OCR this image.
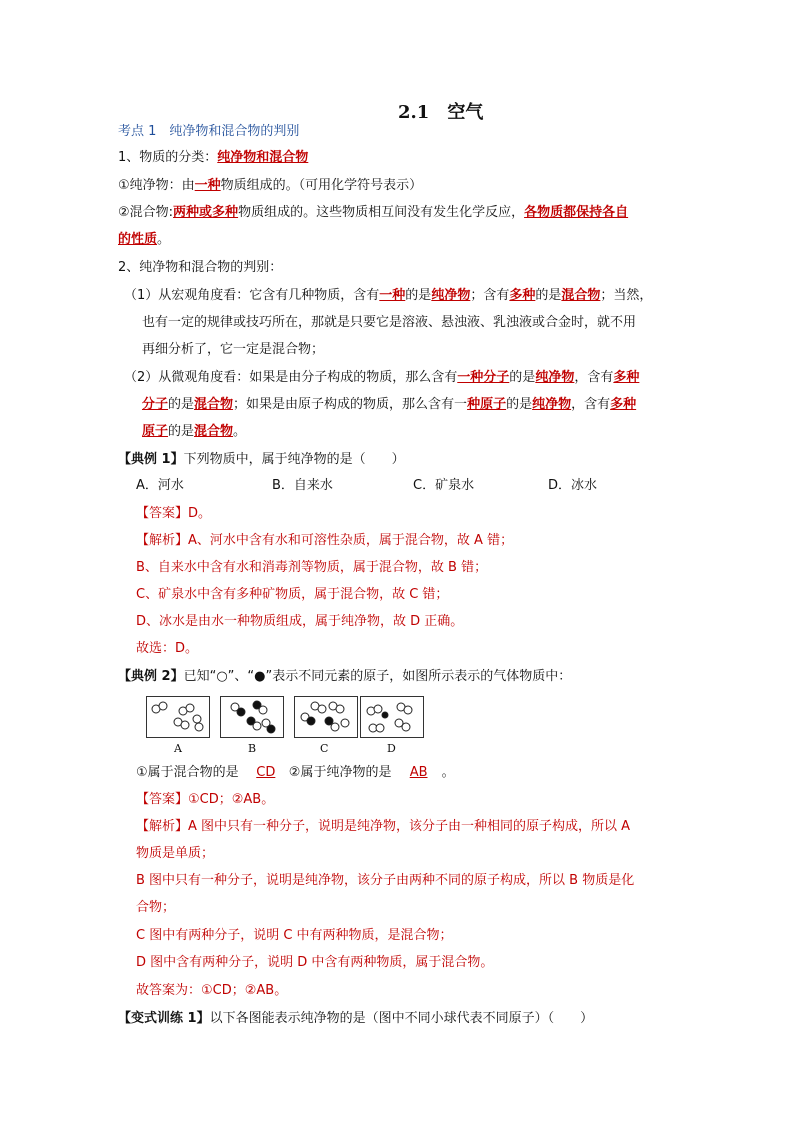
2.1　空气
考点 1　纯净物和混合物的判别
1、物质的分类：纯净物和混合物
①纯净物：由一种物质组成的。（可用化学符号表示）
②混合物:两种或多种物质组成的。这些物质相互间没有发生化学反应，各物质都保持各自
的性质。
2、纯净物和混合物的判别：
（1）从宏观角度看：它含有几种物质，含有一种的是纯净物；含有多种的是混合物；当然，
也有一定的规律或技巧所在，那就是只要它是溶液、悬浊液、乳浊液或合金时，就不用
再细分析了，它一定是混合物；
（2）从微观角度看：如果是由分子构成的物质，那么含有一种分子的是纯净物，含有多种
分子的是混合物；如果是由原子构成的物质，那么含有一种原子的是纯净物，含有多种
原子的是混合物。
【典例 1】下列物质中，属于纯净物的是（　　）
A．河水	B．自来水	C．矿泉水	D．冰水
【答案】D。
【解析】A、河水中含有水和可溶性杂质，属于混合物，故 A 错；
B、自来水中含有水和消毒剂等物质，属于混合物，故 B 错；
C、矿泉水中含有多种矿物质，属于混合物，故 C 错；
D、冰水是由水一种物质组成，属于纯净物，故 D 正确。
故选：D。
【典例 2】已知“○”、“●”表示不同元素的原子，如图所示表示的气体物质中：
A	B	C	D
①属于混合物的是 CD ②属于纯净物的是 AB 。
【答案】①CD；②AB。
【解析】A 图中只有一种分子，说明是纯净物，该分子由一种相同的原子构成，所以 A
物质是单质；
B 图中只有一种分子，说明是纯净物，该分子由两种不同的原子构成，所以 B 物质是化
合物；
C 图中有两种分子，说明 C 中有两种物质，是混合物；
D 图中含有两种分子，说明 D 中含有两种物质，属于混合物。
故答案为：①CD；②AB。
【变式训练 1】以下各图能表示纯净物的是（图中不同小球代表不同原子）（　　）
